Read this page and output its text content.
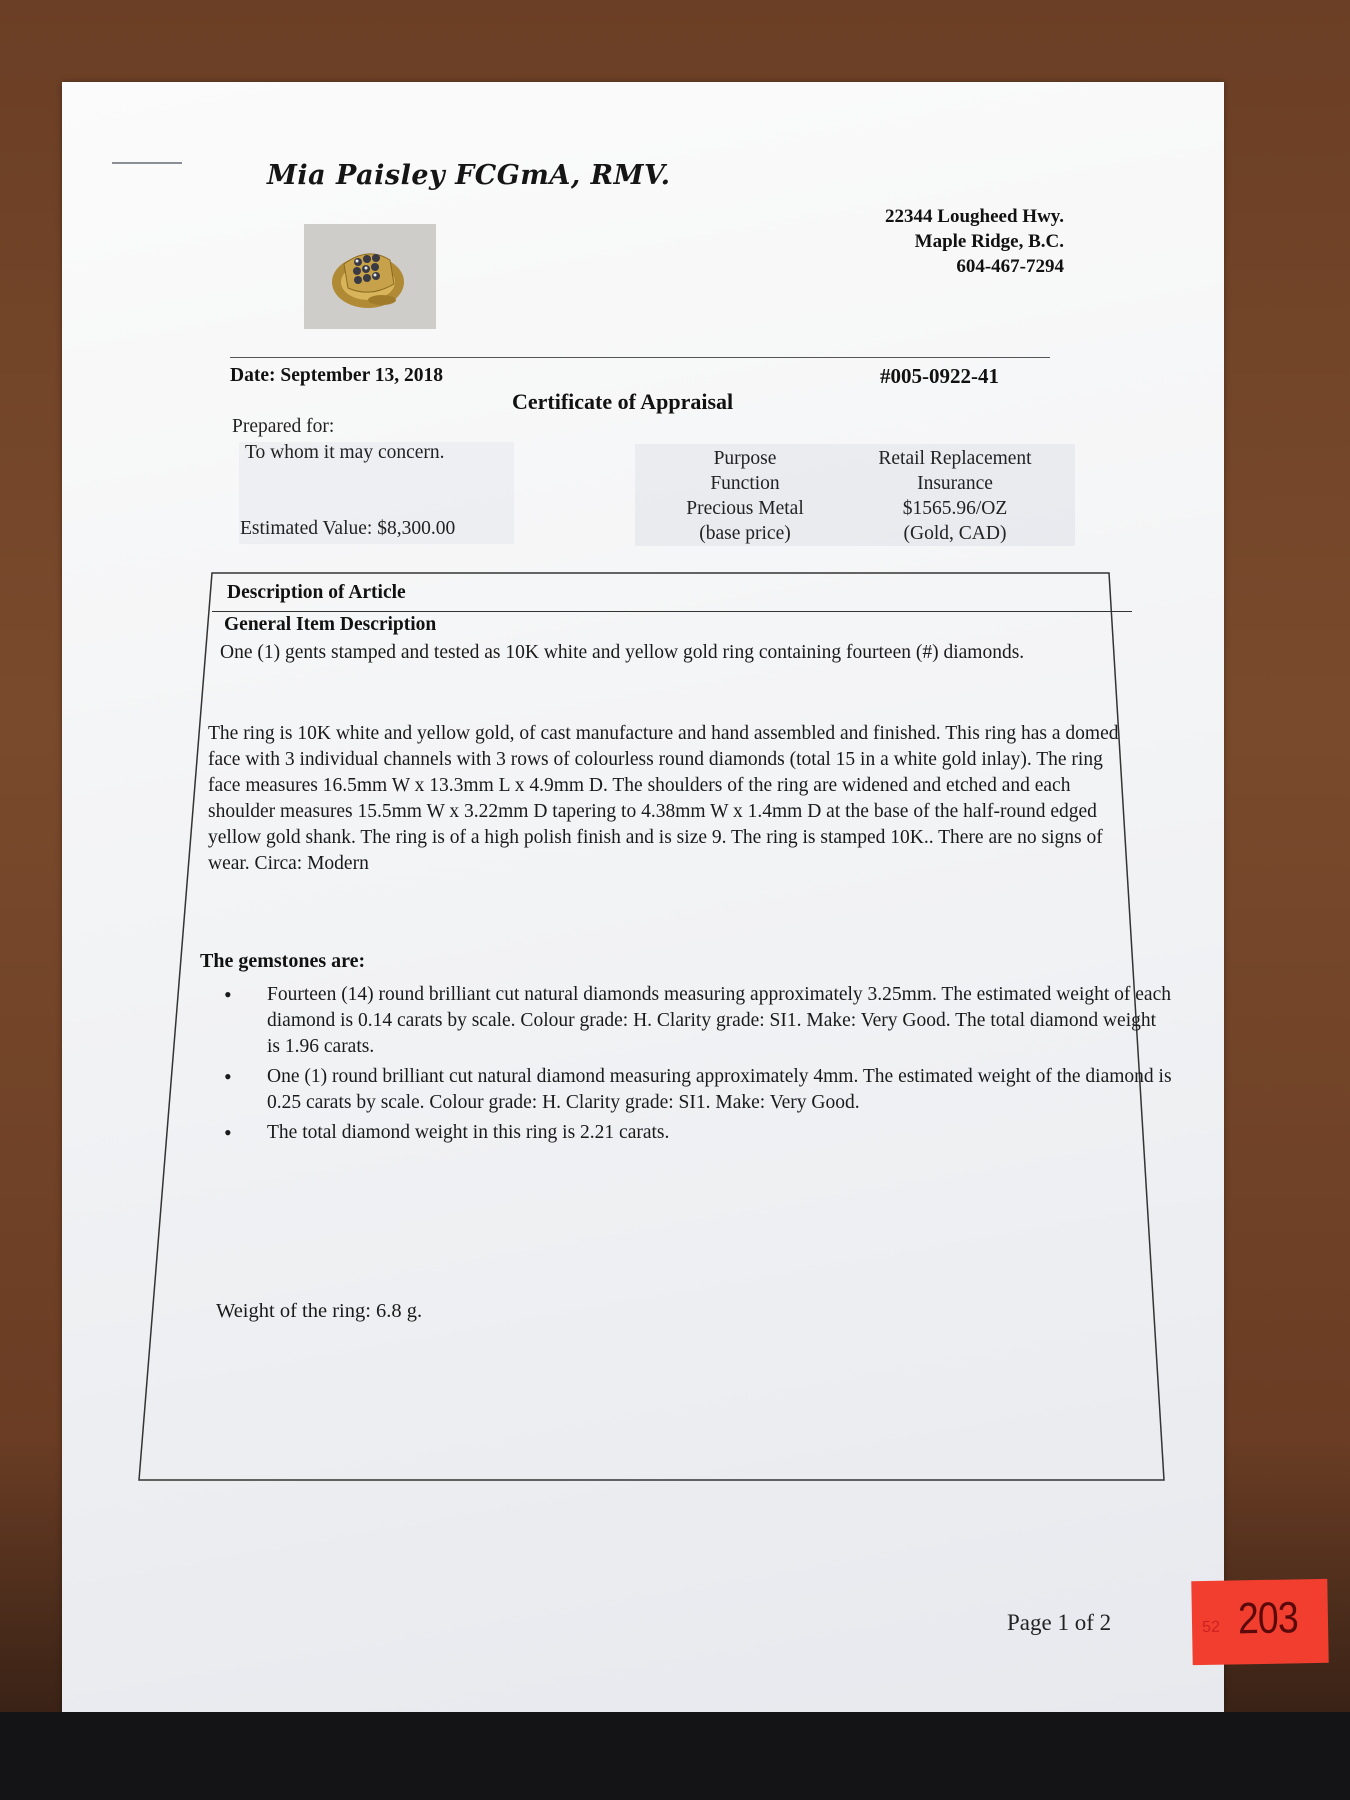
Mia Paisley FCGmA, RMV.
22344 Lougheed Hwy.
Maple Ridge, B.C.
604-467-7294
Date: September 13, 2018	#005-0922-41
Certificate of Appraisal
Prepared for:
To whom it may concern.
Estimated Value: $8,300.00
Purpose
Function
Precious Metal
(base price)
Retail Replacement
Insurance
$1565.96/OZ
(Gold, CAD)
Description of Article
General Item Description
One (1) gents stamped and tested as 10K white and yellow gold ring containing fourteen (#) diamonds.
The ring is 10K white and yellow gold, of cast manufacture and hand assembled and finished. This ring has a domed face with 3 individual channels with 3 rows of colourless round diamonds (total 15 in a white gold inlay). The ring face measures 16.5mm W x 13.3mm L x 4.9mm D. The shoulders of the ring are widened and etched and each shoulder measures 15.5mm W x 3.22mm D tapering to 4.38mm W x 1.4mm D at the base of the half-round edged yellow gold shank. The ring is of a high polish finish and is size 9. The ring is stamped 10K.. There are no signs of wear. Circa: Modern
The gemstones are:
• Fourteen (14) round brilliant cut natural diamonds measuring approximately 3.25mm. The estimated weight of each diamond is 0.14 carats by scale. Colour grade: H. Clarity grade: SI1. Make: Very Good. The total diamond weight is 1.96 carats.
• One (1) round brilliant cut natural diamond measuring approximately 4mm. The estimated weight of the diamond is 0.25 carats by scale. Colour grade: H. Clarity grade: SI1. Make: Very Good.
• The total diamond weight in this ring is 2.21 carats.
Weight of the ring: 6.8 g.
Page 1 of 2	52 203
